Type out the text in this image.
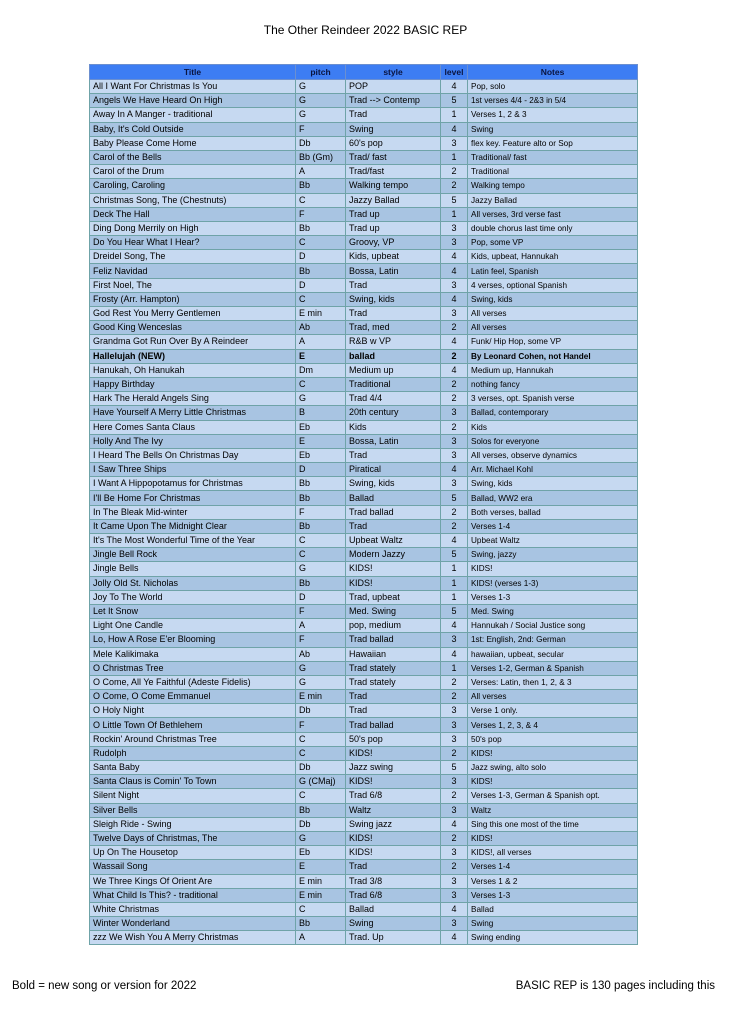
The Other Reindeer 2022 BASIC REP
Title	pitch	style	level	Notes
All I Want For Christmas Is You	G	POP	4	Pop, solo
Angels We Have Heard On High	G	Trad --> Contemp	5	1st verses 4/4 - 2&3 in 5/4
Away In A Manger - traditional	G	Trad	1	Verses 1, 2 & 3
Baby, It's Cold Outside	F	Swing	4	Swing
Baby Please Come Home	Db	60's pop	3	flex key. Feature alto or Sop
Carol of the Bells	Bb (Gm)	Trad/ fast	1	Traditional/ fast
Carol of the Drum	A	Trad/fast	2	Traditional
Caroling, Caroling	Bb	Walking tempo	2	Walking tempo
Christmas Song, The (Chestnuts)	C	Jazzy Ballad	5	Jazzy Ballad
Deck The Hall	F	Trad up	1	All verses, 3rd verse fast
Ding Dong Merrily on High	Bb	Trad up	3	double chorus last time only
Do You Hear What I Hear?	C	Groovy, VP	3	Pop, some VP
Dreidel Song, The	D	Kids, upbeat	4	Kids, upbeat, Hannukah
Feliz Navidad	Bb	Bossa, Latin	4	Latin feel, Spanish
First Noel, The	D	Trad	3	4 verses, optional Spanish
Frosty (Arr. Hampton)	C	Swing, kids	4	Swing, kids
God Rest You Merry Gentlemen	E min	Trad	3	All verses
Good King Wenceslas	Ab	Trad, med	2	All verses
Grandma Got Run Over By A Reindeer	A	R&B w VP	4	Funk/ Hip Hop, some VP
Hallelujah (NEW)	E	ballad	2	By Leonard Cohen, not Handel
Hanukah, Oh Hanukah	Dm	Medium up	4	Medium up, Hannukah
Happy Birthday	C	Traditional	2	nothing fancy
Hark The Herald Angels Sing	G	Trad 4/4	2	3 verses, opt. Spanish verse
Have Yourself A Merry Little Christmas	B	20th century	3	Ballad, contemporary
Here Comes Santa Claus	Eb	Kids	2	Kids
Holly And The Ivy	E	Bossa, Latin	3	Solos for everyone
I Heard The Bells On Christmas Day	Eb	Trad	3	All verses, observe dynamics
I Saw Three Ships	D	Piratical	4	Arr. Michael Kohl
I Want A Hippopotamus for Christmas	Bb	Swing, kids	3	Swing, kids
I'll Be Home For Christmas	Bb	Ballad	5	Ballad, WW2 era
In The Bleak Mid-winter	F	Trad ballad	2	Both verses, ballad
It Came Upon The Midnight Clear	Bb	Trad	2	Verses 1-4
It's The Most Wonderful Time of the Year	C	Upbeat Waltz	4	Upbeat Waltz
Jingle Bell Rock	C	Modern Jazzy	5	Swing, jazzy
Jingle Bells	G	KIDS!	1	KIDS!
Jolly Old St. Nicholas	Bb	KIDS!	1	KIDS! (verses 1-3)
Joy To The World	D	Trad, upbeat	1	Verses 1-3
Let It Snow	F	Med. Swing	5	Med. Swing
Light One Candle	A	pop, medium	4	Hannukah / Social Justice song
Lo, How A Rose E'er Blooming	F	Trad ballad	3	1st: English, 2nd: German
Mele Kalikimaka	Ab	Hawaiian	4	hawaiian, upbeat, secular
O Christmas Tree	G	Trad stately	1	Verses 1-2, German & Spanish
O Come, All Ye Faithful (Adeste Fidelis)	G	Trad stately	2	Verses: Latin, then 1, 2, & 3
O Come, O Come Emmanuel	E min	Trad	2	All verses
O Holy Night	Db	Trad	3	Verse 1 only.
O Little Town Of Bethlehem	F	Trad ballad	3	Verses 1, 2, 3, & 4
Rockin' Around Christmas Tree	C	50's pop	3	50's pop
Rudolph	C	KIDS!	2	KIDS!
Santa Baby	Db	Jazz swing	5	Jazz swing, alto solo
Santa Claus is Comin' To Town	G (CMaj)	KIDS!	3	KIDS!
Silent Night	C	Trad 6/8	2	Verses 1-3, German & Spanish opt.
Silver Bells	Bb	Waltz	3	Waltz
Sleigh Ride - Swing	Db	Swing jazz	4	Sing this one most of the time
Twelve Days of Christmas, The	G	KIDS!	2	KIDS!
Up On The Housetop	Eb	KIDS!	3	KIDS!, all verses
Wassail Song	E	Trad	2	Verses 1-4
We Three Kings Of Orient Are	E min	Trad 3/8	3	Verses 1 & 2
What Child Is This? - traditional	E min	Trad 6/8	3	Verses 1-3
White Christmas	C	Ballad	4	Ballad
Winter Wonderland	Bb	Swing	3	Swing
zzz We Wish You A Merry Christmas	A	Trad. Up	4	Swing ending
Bold = new song or version for 2022	BASIC REP is 130 pages including this
